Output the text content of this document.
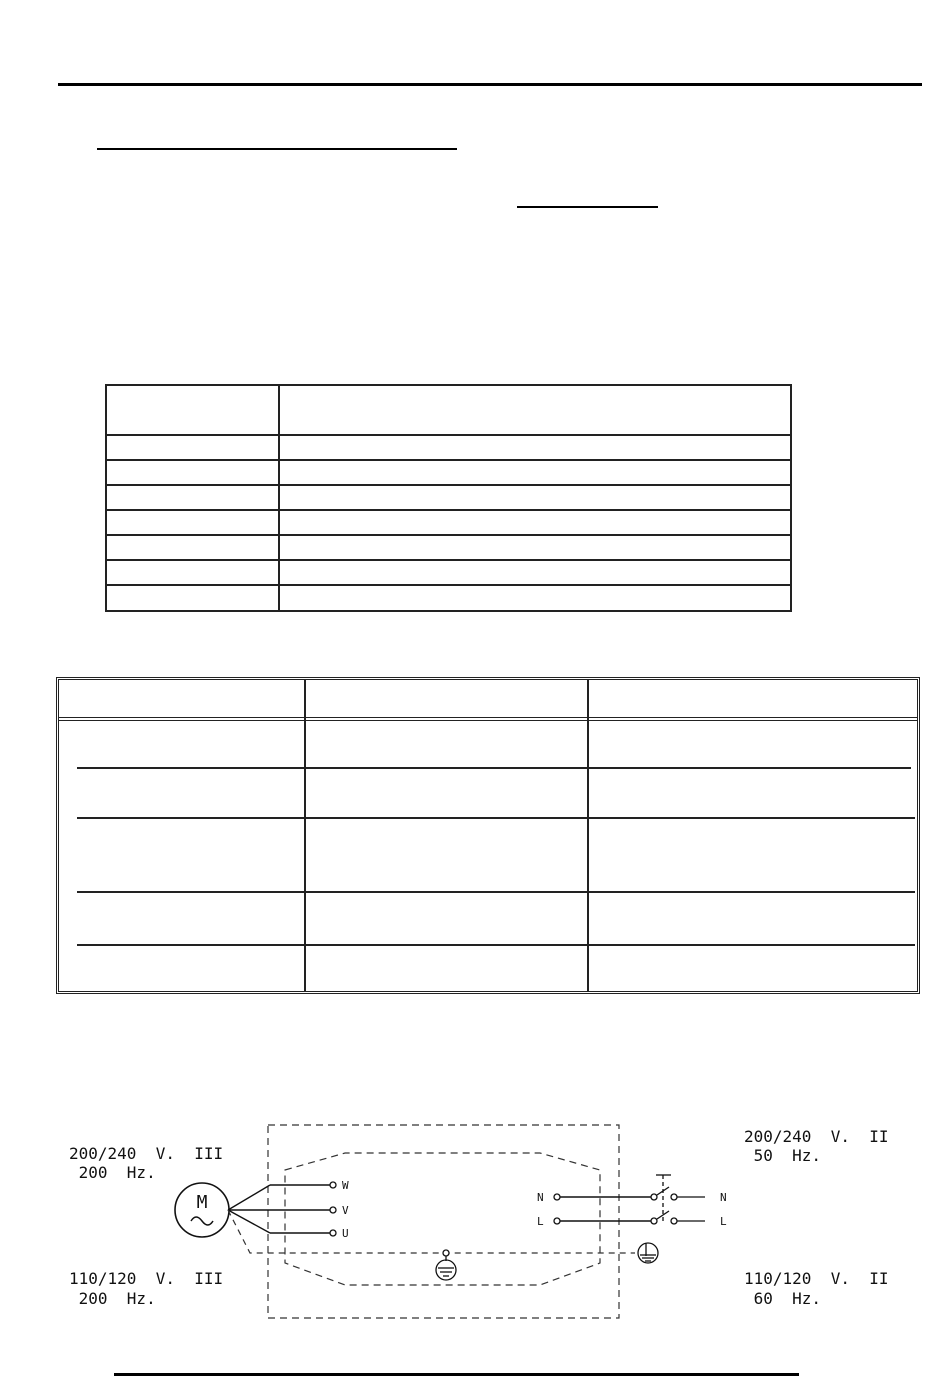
200/240  V.  III
200  Hz.
110/120  V.  III
200  Hz.
200/240  V.  II
50  Hz.
110/120  V.  II
60  Hz.
M
W
V
U
N
L
N
L
